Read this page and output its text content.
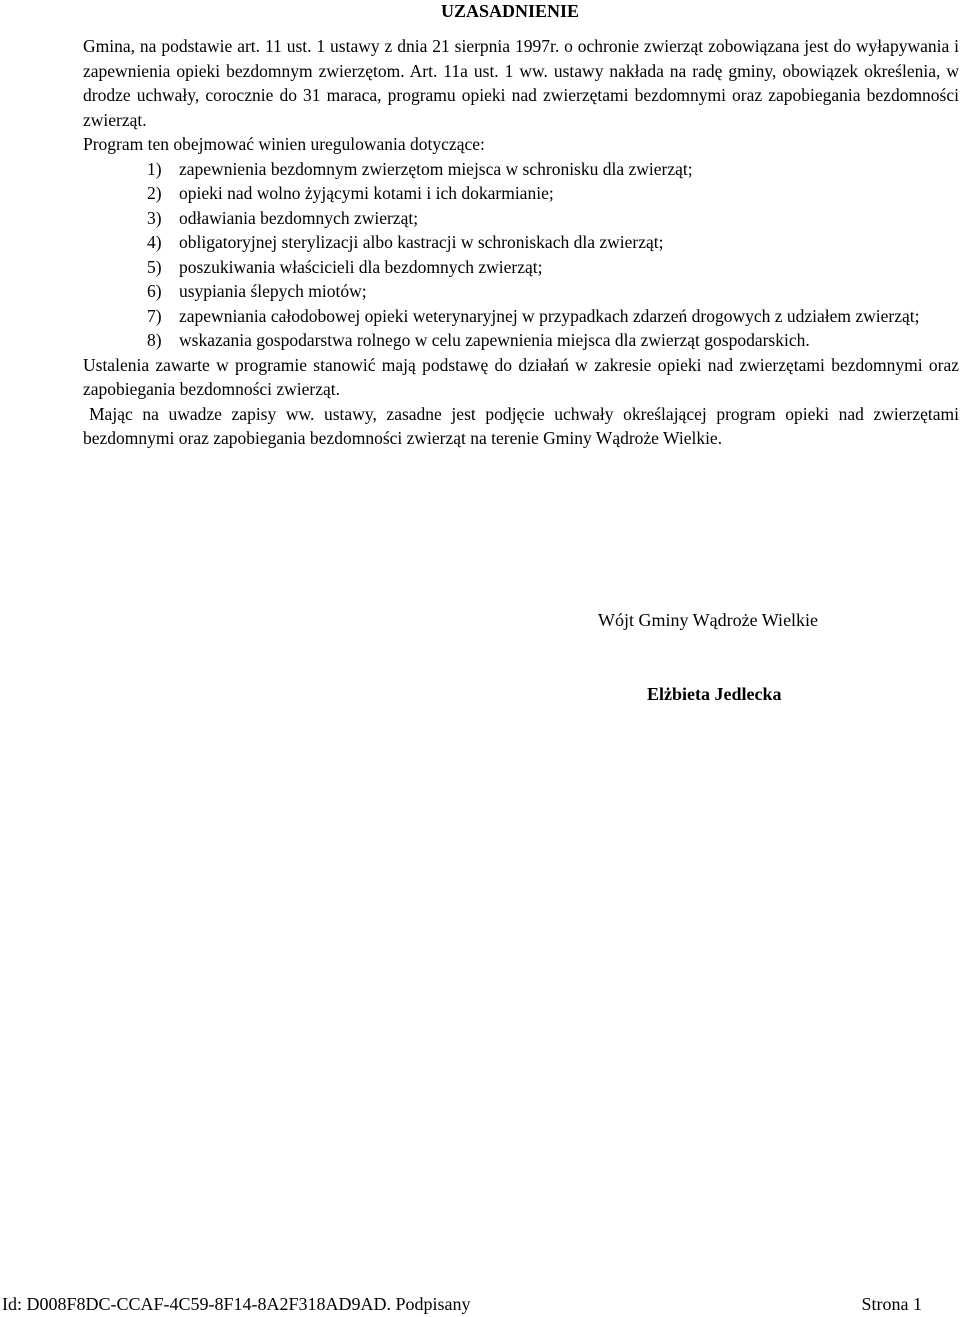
UZASADNIENIE

Gmina, na podstawie art. 11 ust. 1 ustawy z dnia 21 sierpnia 1997r. o ochronie zwierząt zobowiązana jest do wyłapywania i zapewnienia opieki bezdomnym zwierzętom. Art. 11a ust. 1 ww. ustawy nakłada na radę gminy, obowiązek określenia, w drodze uchwały, corocznie do 31 maraca, programu opieki nad zwierzętami bezdomnymi oraz zapobiegania bezdomności zwierząt.

Program ten obejmować winien uregulowania dotyczące:

1) zapewnienia bezdomnym zwierzętom miejsca w schronisku dla zwierząt;
2) opieki nad wolno żyjącymi kotami i ich dokarmianie;
3) odławiania bezdomnych zwierząt;
4) obligatoryjnej sterylizacji albo kastracji w schroniskach dla zwierząt;
5) poszukiwania właścicieli dla bezdomnych zwierząt;
6) usypiania ślepych miotów;
7) zapewniania całodobowej opieki weterynaryjnej w przypadkach zdarzeń drogowych z udziałem zwierząt;
8) wskazania gospodarstwa rolnego w celu zapewnienia miejsca dla zwierząt gospodarskich.

Ustalenia zawarte w programie stanowić mają podstawę do działań w zakresie opieki nad zwierzętami bezdomnymi oraz zapobiegania bezdomności zwierząt.

Mając na uwadze zapisy ww. ustawy, zasadne jest podjęcie uchwały określającej program opieki nad zwierzętami bezdomnymi oraz zapobiegania bezdomności zwierząt na terenie Gminy Wądroże Wielkie.

Wójt Gminy Wądroże Wielkie
Elżbieta Jedlecka
Id: D008F8DC-CCAF-4C59-8F14-8A2F318AD9AD. Podpisany	Strona 1
